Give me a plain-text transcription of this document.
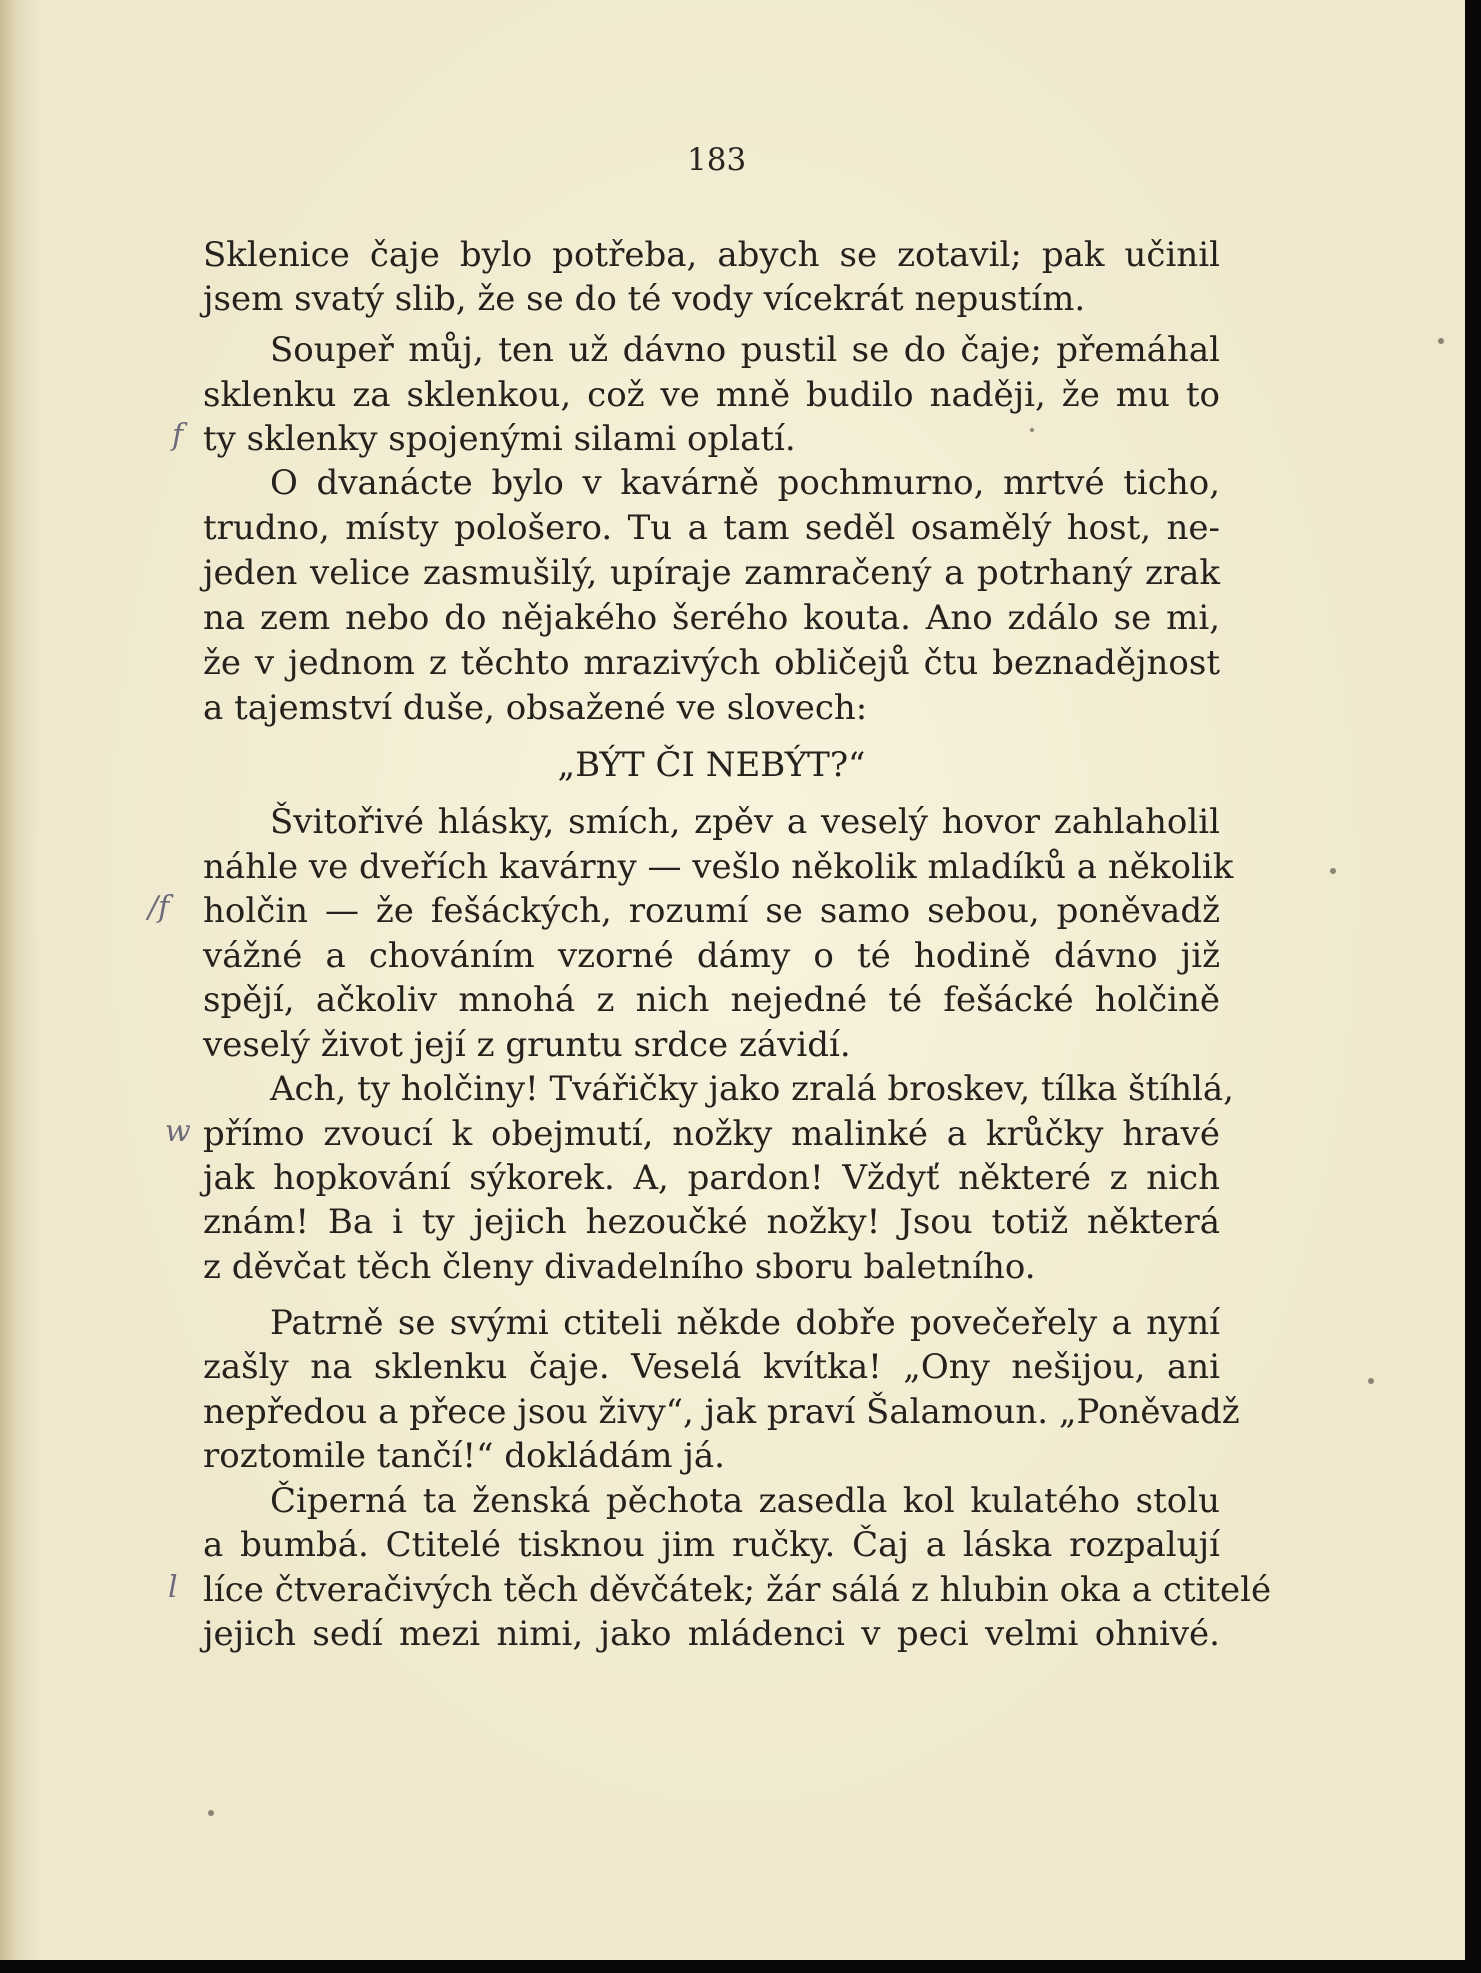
183
Sklenice čaje bylo potřeba, abych se zotavil; pak učinil
jsem svatý slib, že se do té vody vícekrát nepustím.
Soupeř můj, ten už dávno pustil se do čaje; přemáhal
sklenku za sklenkou, což ve mně budilo naději, že mu to
ty sklenky spojenými silami oplatí.
O dvanácte bylo v kavárně pochmurno, mrtvé ticho,
trudno, místy pološero. Tu a tam seděl osamělý host, ne-
jeden velice zasmušilý, upíraje zamračený a potrhaný zrak
na zem nebo do nějakého šerého kouta. Ano zdálo se mi,
že v jednom z těchto mrazivých obličejů čtu beznadějnost
a tajemství duše, obsažené ve slovech:
„BÝT ČI NEBÝT?“
Švitořivé hlásky, smích, zpěv a veselý hovor zahlaholil
náhle ve dveřích kavárny — vešlo několik mladíků a několik
holčin — že fešáckých, rozumí se samo sebou, poněvadž
vážné a chováním vzorné dámy o té hodině dávno již
spějí, ačkoliv mnohá z nich nejedné té fešácké holčině
veselý život její z gruntu srdce závidí.
Ach, ty holčiny! Tvářičky jako zralá broskev, tílka štíhlá,
přímo zvoucí k obejmutí, nožky malinké a krůčky hravé
jak hopkování sýkorek. A, pardon! Vždyť některé z nich
znám! Ba i ty jejich hezoučké nožky! Jsou totiž některá
z děvčat těch členy divadelního sboru baletního.
Patrně se svými ctiteli někde dobře povečeřely a nyní
zašly na sklenku čaje. Veselá kvítka! „Ony nešijou, ani
nepředou a přece jsou živy“, jak praví Šalamoun. „Poněvadž
roztomile tančí!“ dokládám já.
Čiperná ta ženská pěchota zasedla kol kulatého stolu
a bumbá. Ctitelé tisknou jim ručky. Čaj a láska rozpalují
líce čtveračivých těch děvčátek; žár sálá z hlubin oka a ctitelé
jejich sedí mezi nimi, jako mládenci v peci velmi ohnivé.
f
/f
w
l
